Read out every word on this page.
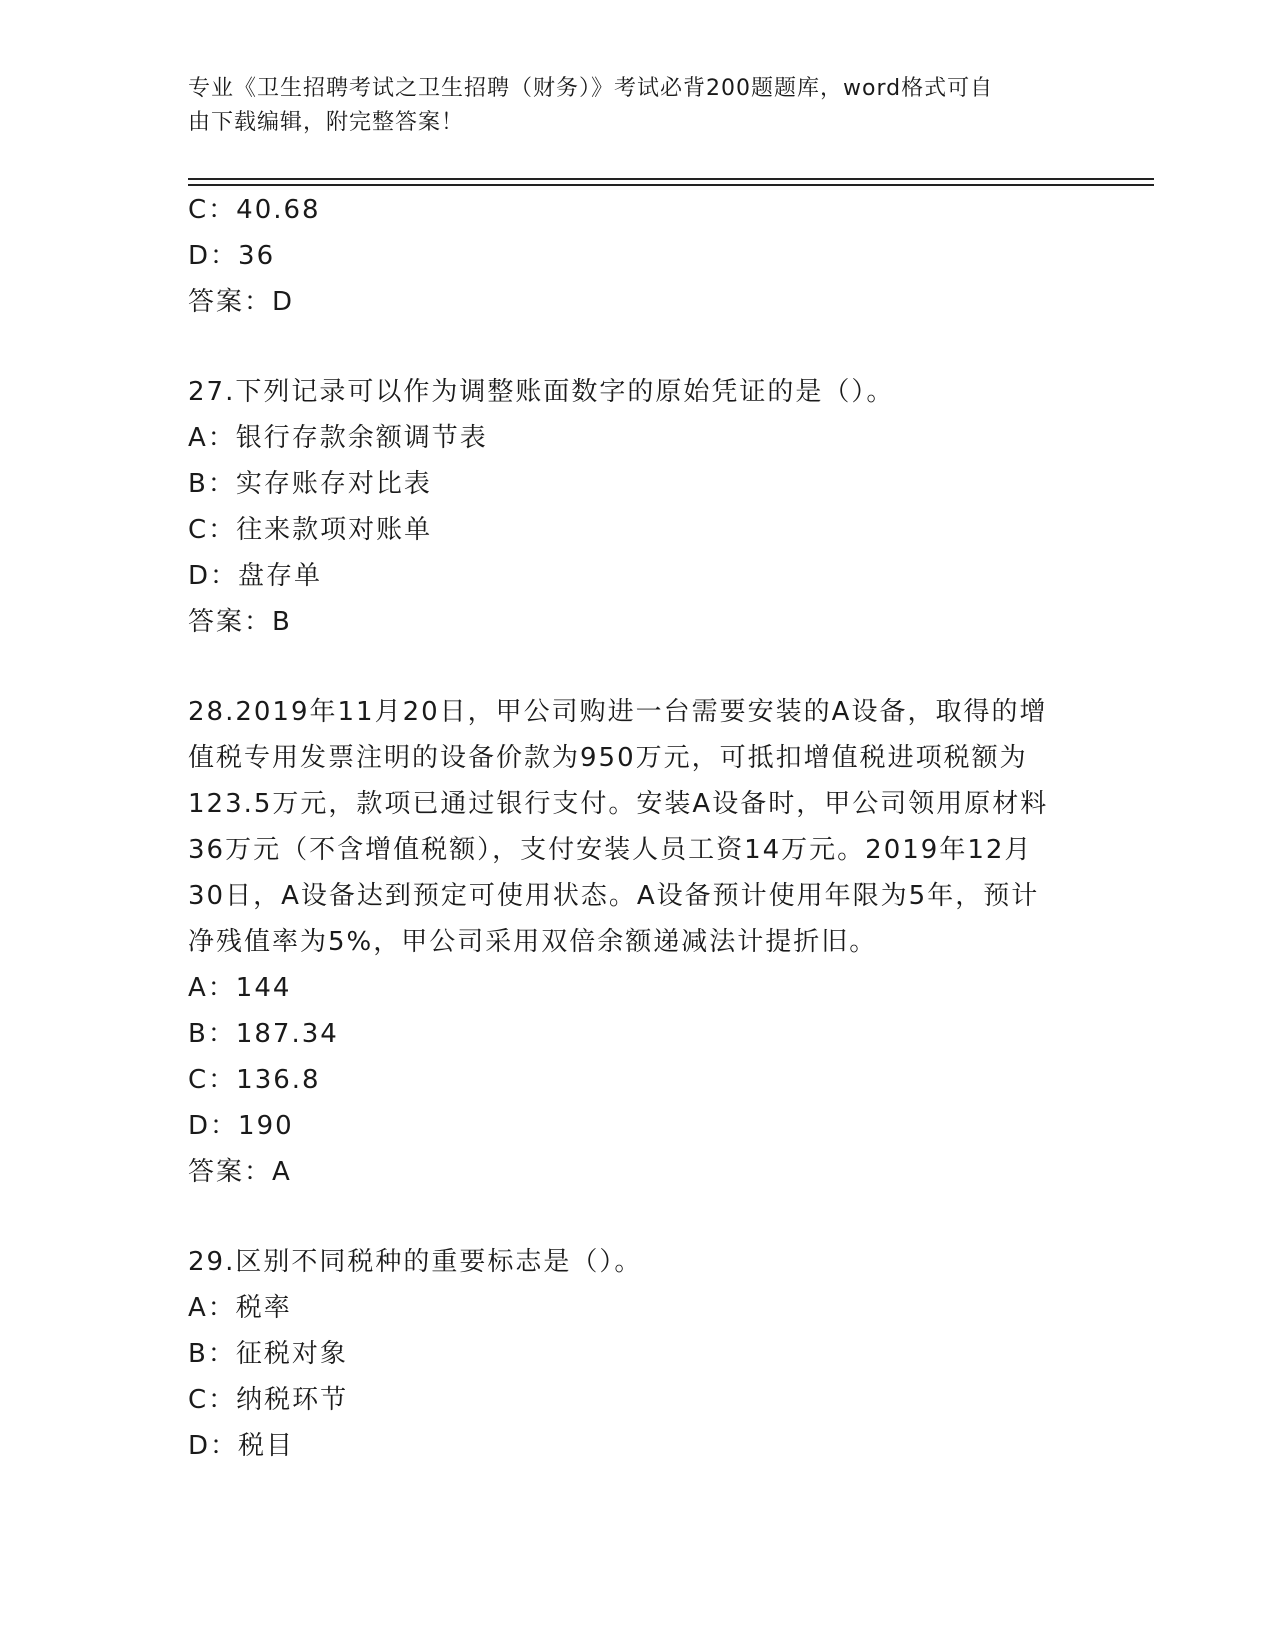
专业《卫生招聘考试之卫生招聘（财务）》考试必背200题题库，word格式可自
由下载编辑，附完整答案！
C：40.68
D：36
答案：D
27.下列记录可以作为调整账面数字的原始凭证的是（）。
A：银行存款余额调节表
B：实存账存对比表
C：往来款项对账单
D：盘存单
答案：B
28.2019年11月20日，甲公司购进一台需要安装的A设备，取得的增
值税专用发票注明的设备价款为950万元，可抵扣增值税进项税额为
123.5万元，款项已通过银行支付。安装A设备时，甲公司领用原材料
36万元（不含增值税额），支付安装人员工资14万元。2019年12月
30日，A设备达到预定可使用状态。A设备预计使用年限为5年，预计
净残值率为5%，甲公司采用双倍余额递减法计提折旧。
A：144
B：187.34
C：136.8
D：190
答案：A
29.区别不同税种的重要标志是（）。
A：税率
B：征税对象
C：纳税环节
D：税目
